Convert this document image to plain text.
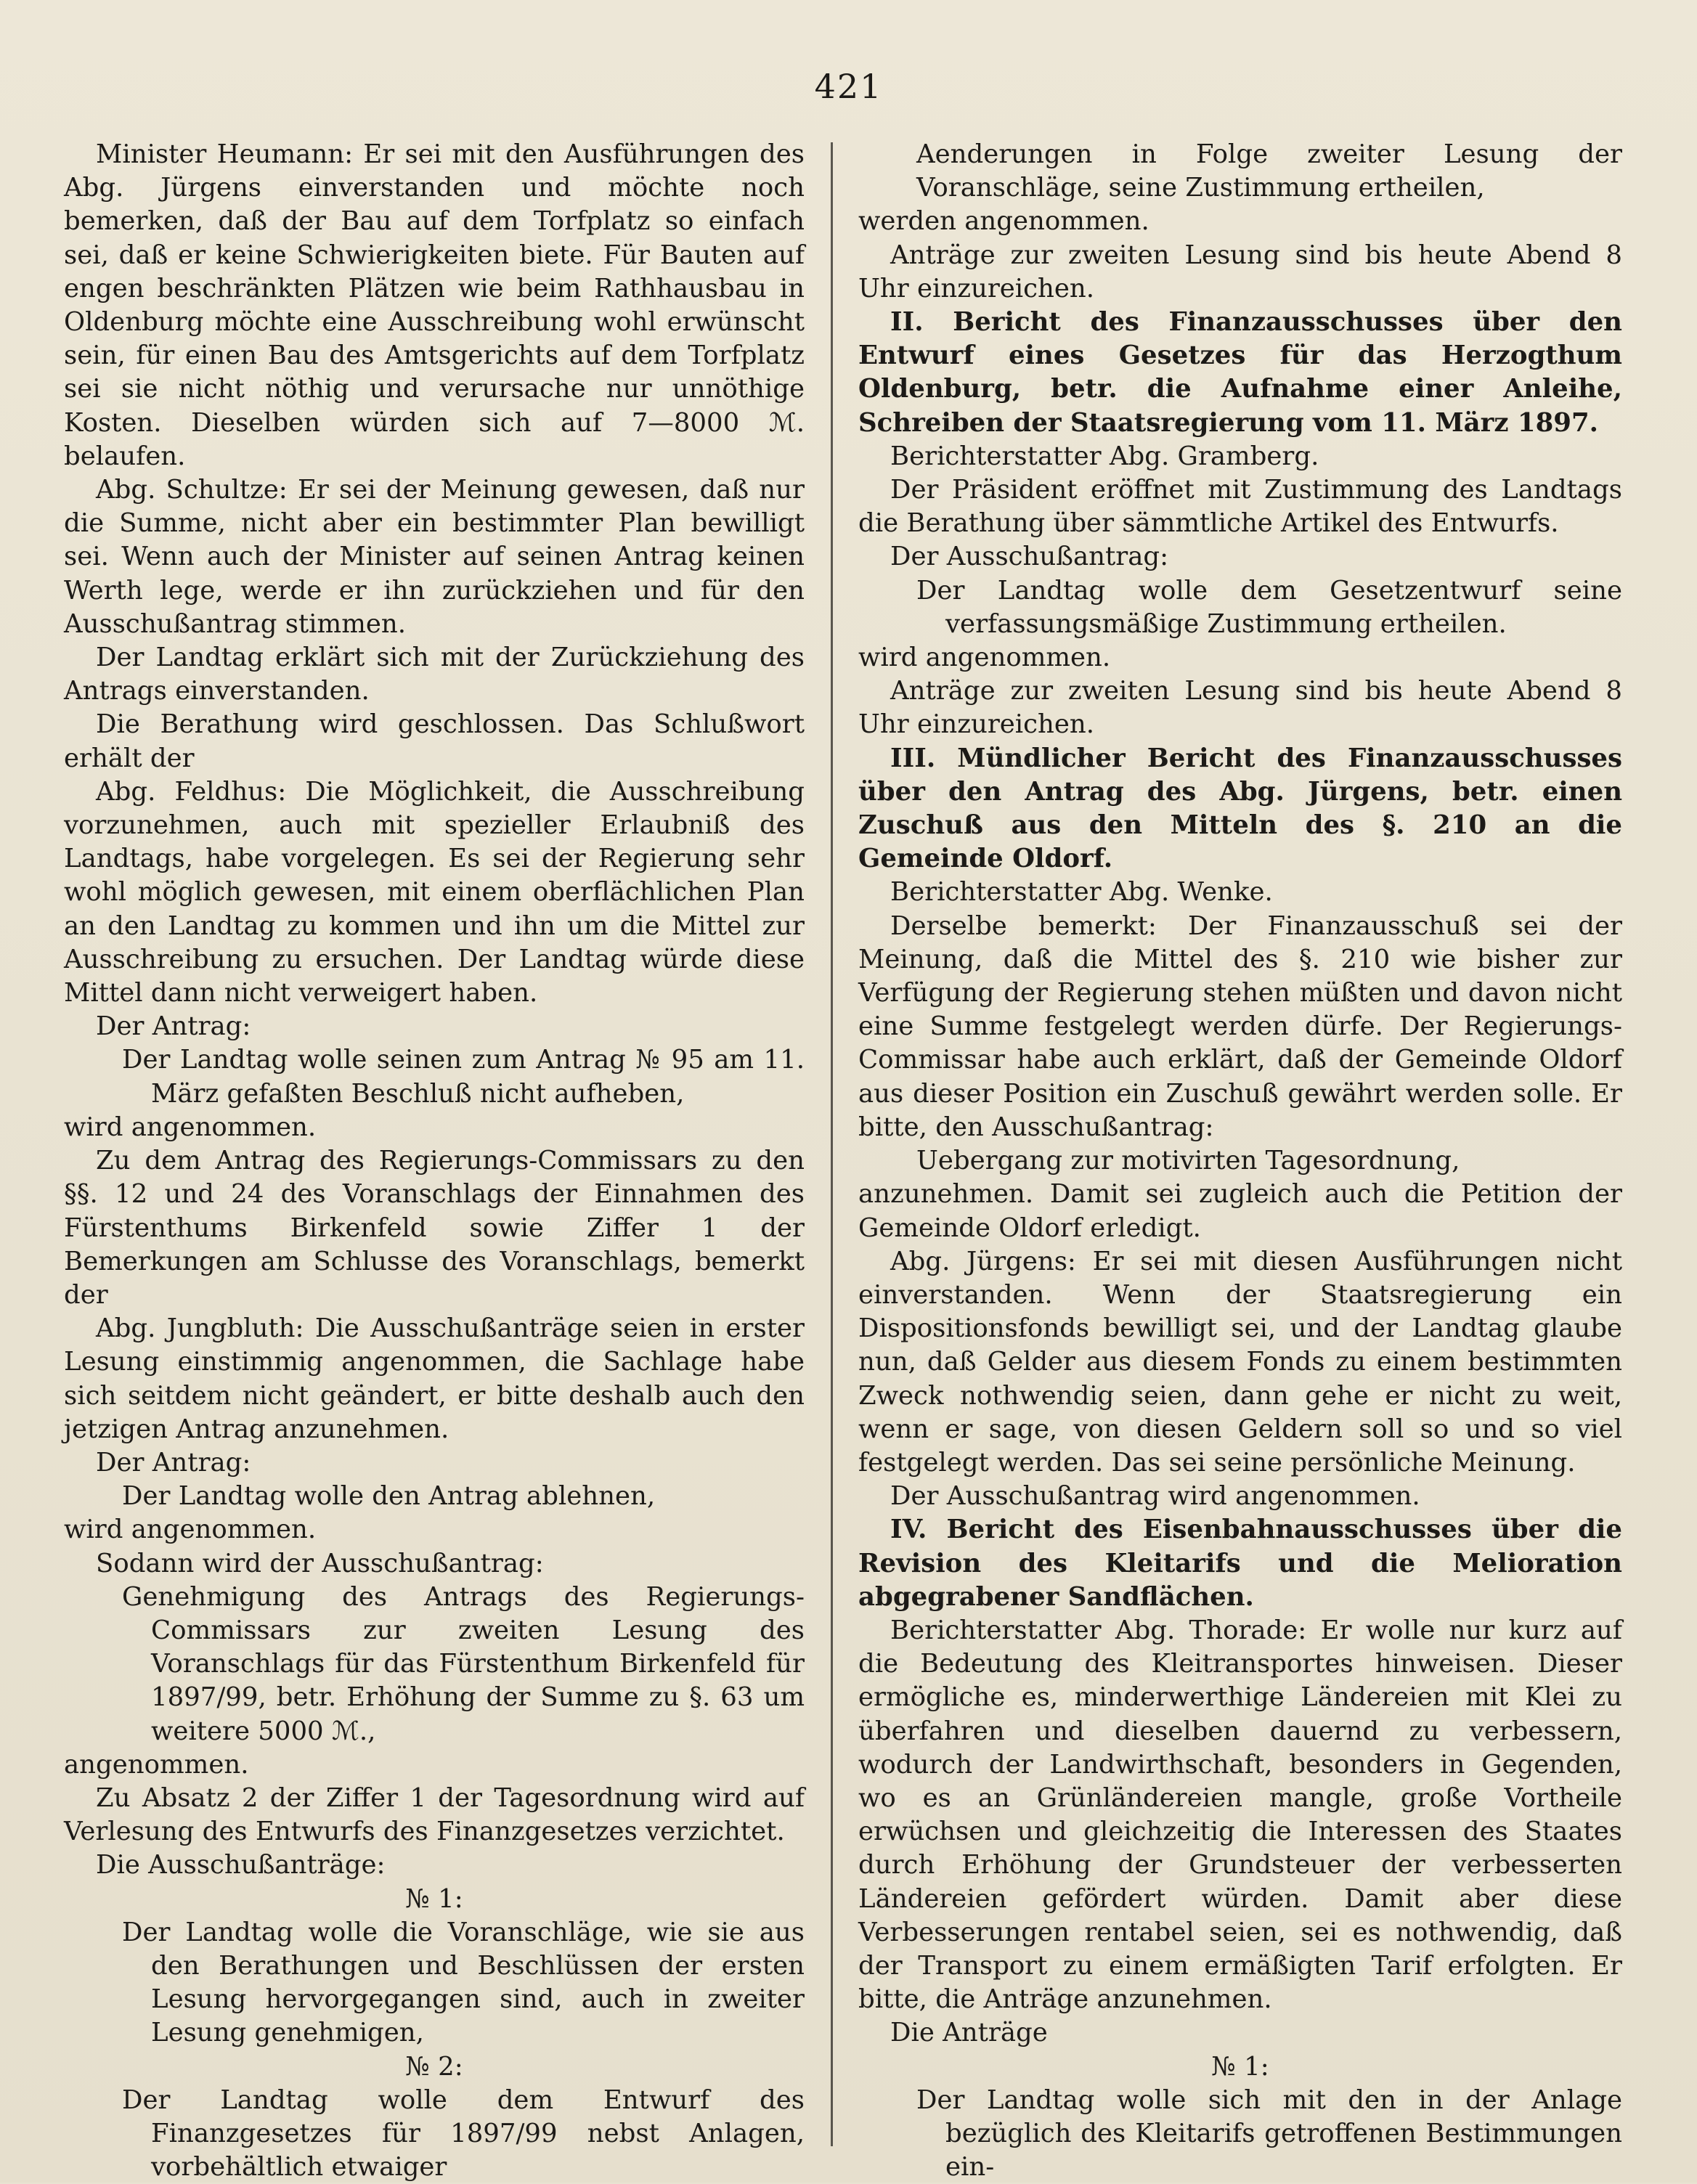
421

Minister Heumann: Er sei mit den Ausführungen des Abg. Jürgens einverstanden und möchte noch bemerken, daß der Bau auf dem Torfplatz so einfach sei, daß er keine Schwierigkeiten biete. Für Bauten auf engen beschränkten Plätzen wie beim Rathhausbau in Oldenburg möchte eine Ausschreibung wohl erwünscht sein, für einen Bau des Amtsgerichts auf dem Torfplatz sei sie nicht nöthig und verursache nur unnöthige Kosten. Dieselben würden sich auf 7—8000 ℳ. belaufen.

Abg. Schultze: Er sei der Meinung gewesen, daß nur die Summe, nicht aber ein bestimmter Plan bewilligt sei. Wenn auch der Minister auf seinen Antrag keinen Werth lege, werde er ihn zurückziehen und für den Ausschußantrag stimmen.

Der Landtag erklärt sich mit der Zurückziehung des Antrags einverstanden.

Die Berathung wird geschlossen. Das Schlußwort erhält der

Abg. Feldhus: Die Möglichkeit, die Ausschreibung vorzunehmen, auch mit spezieller Erlaubniß des Landtags, habe vorgelegen. Es sei der Regierung sehr wohl möglich gewesen, mit einem oberflächlichen Plan an den Landtag zu kommen und ihn um die Mittel zur Ausschreibung zu ersuchen. Der Landtag würde diese Mittel dann nicht verweigert haben.

Der Antrag:

Der Landtag wolle seinen zum Antrag № 95 am 11. März gefaßten Beschluß nicht aufheben,

wird angenommen.

Zu dem Antrag des Regierungs-Commissars zu den §§. 12 und 24 des Voranschlags der Einnahmen des Fürstenthums Birkenfeld sowie Ziffer 1 der Bemerkungen am Schlusse des Voranschlags, bemerkt der

Abg. Jungbluth: Die Ausschußanträge seien in erster Lesung einstimmig angenommen, die Sachlage habe sich seitdem nicht geändert, er bitte deshalb auch den jetzigen Antrag anzunehmen.

Der Antrag:

Der Landtag wolle den Antrag ablehnen,

wird angenommen.

Sodann wird der Ausschußantrag:

Genehmigung des Antrags des Regierungs-Commissars zur zweiten Lesung des Voranschlags für das Fürstenthum Birkenfeld für 1897/99, betr. Erhöhung der Summe zu §. 63 um weitere 5000 ℳ.,

angenommen.

Zu Absatz 2 der Ziffer 1 der Tagesordnung wird auf Verlesung des Entwurfs des Finanzgesetzes verzichtet.

Die Ausschußanträge:

№ 1:

Der Landtag wolle die Voranschläge, wie sie aus den Berathungen und Beschlüssen der ersten Lesung hervorgegangen sind, auch in zweiter Lesung genehmigen,

№ 2:

Der Landtag wolle dem Entwurf des Finanzgesetzes für 1897/99 nebst Anlagen, vorbehältlich etwaiger

Aenderungen in Folge zweiter Lesung der Voranschläge, seine Zustimmung ertheilen,

werden angenommen.

Anträge zur zweiten Lesung sind bis heute Abend 8 Uhr einzureichen.

II. Bericht des Finanzausschusses über den Entwurf eines Gesetzes für das Herzogthum Oldenburg, betr. die Aufnahme einer Anleihe, Schreiben der Staatsregierung vom 11. März 1897.

Berichterstatter Abg. Gramberg.

Der Präsident eröffnet mit Zustimmung des Landtags die Berathung über sämmtliche Artikel des Entwurfs.

Der Ausschußantrag:

Der Landtag wolle dem Gesetzentwurf seine verfassungsmäßige Zustimmung ertheilen.

wird angenommen.

Anträge zur zweiten Lesung sind bis heute Abend 8 Uhr einzureichen.

III. Mündlicher Bericht des Finanzausschusses über den Antrag des Abg. Jürgens, betr. einen Zuschuß aus den Mitteln des §. 210 an die Gemeinde Oldorf.

Berichterstatter Abg. Wenke.

Derselbe bemerkt: Der Finanzausschuß sei der Meinung, daß die Mittel des §. 210 wie bisher zur Verfügung der Regierung stehen müßten und davon nicht eine Summe festgelegt werden dürfe. Der Regierungs-Commissar habe auch erklärt, daß der Gemeinde Oldorf aus dieser Position ein Zuschuß gewährt werden solle. Er bitte, den Ausschußantrag:

Uebergang zur motivirten Tagesordnung,

anzunehmen. Damit sei zugleich auch die Petition der Gemeinde Oldorf erledigt.

Abg. Jürgens: Er sei mit diesen Ausführungen nicht einverstanden. Wenn der Staatsregierung ein Dispositionsfonds bewilligt sei, und der Landtag glaube nun, daß Gelder aus diesem Fonds zu einem bestimmten Zweck nothwendig seien, dann gehe er nicht zu weit, wenn er sage, von diesen Geldern soll so und so viel festgelegt werden. Das sei seine persönliche Meinung.

Der Ausschußantrag wird angenommen.

IV. Bericht des Eisenbahnausschusses über die Revision des Kleitarifs und die Melioration abgegrabener Sandflächen.

Berichterstatter Abg. Thorade: Er wolle nur kurz auf die Bedeutung des Kleitransportes hinweisen. Dieser ermögliche es, minderwerthige Ländereien mit Klei zu überfahren und dieselben dauernd zu verbessern, wodurch der Landwirthschaft, besonders in Gegenden, wo es an Grünländereien mangle, große Vortheile erwüchsen und gleichzeitig die Interessen des Staates durch Erhöhung der Grundsteuer der verbesserten Ländereien gefördert würden. Damit aber diese Verbesserungen rentabel seien, sei es nothwendig, daß der Transport zu einem ermäßigten Tarif erfolgten. Er bitte, die Anträge anzunehmen.

Die Anträge

№ 1:

Der Landtag wolle sich mit den in der Anlage bezüglich des Kleitarifs getroffenen Bestimmungen ein-
